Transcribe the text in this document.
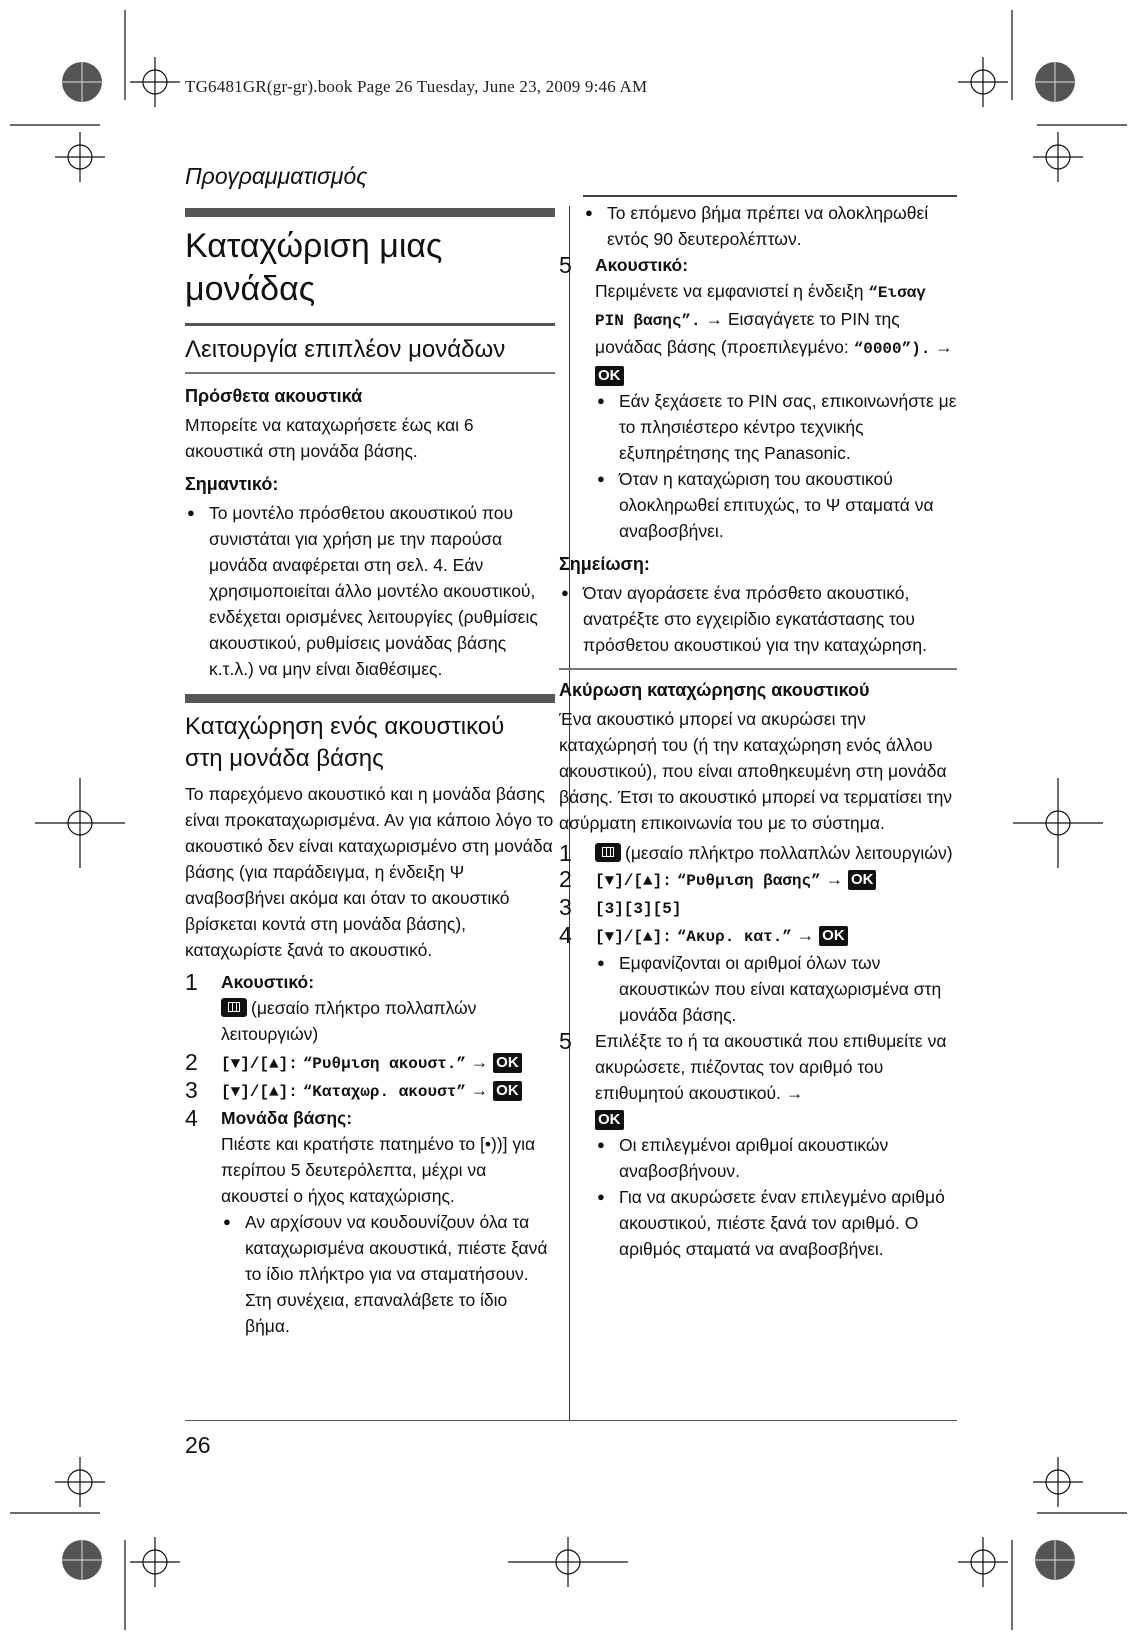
TG6481GR(gr-gr).book Page 26 Tuesday, June 23, 2009 9:46 AM
Προγραμματισμός
Καταχώριση μιας
μονάδας
Λειτουργία επιπλέον μονάδων
Πρόσθετα ακουστικά

Μπορείτε να καταχωρήσετε έως και 6 ακουστικά στη μονάδα βάσης.

Σημαντικό:
● Το μοντέλο πρόσθετου ακουστικού που συνιστάται για χρήση με την παρούσα μονάδα αναφέρεται στη σελ. 4. Εάν χρησιμοποιείται άλλο μοντέλο ακουστικού, ενδέχεται ορισμένες λειτουργίες (ρυθμίσεις ακουστικού, ρυθμίσεις μονάδας βάσης κ.τ.λ.) να μην είναι διαθέσιμες.
Καταχώρηση ενός ακουστικού
στη μονάδα βάσης

Το παρεχόμενο ακουστικό και η μονάδα βάσης είναι προκαταχωρισμένα. Αν για κάποιο λόγο το ακουστικό δεν είναι καταχωρισμένο στη μονάδα βάσης (για παράδειγμα, η ένδειξη Ψ αναβοσβήνει ακόμα και όταν το ακουστικό βρίσκεται κοντά στη μονάδα βάσης), καταχωρίστε ξανά το ακουστικό.

1 Ακουστικό:
(μεσαίο πλήκτρο πολλαπλών λειτουργιών)
2 [▼]/[▲]: “Ρυθμιση ακουστ.” → OK
3 [▼]/[▲]: “Καταχωρ. ακουστ” → OK
4 Μονάδα βάσης:
Πιέστε και κρατήστε πατημένο το [•))] για περίπου 5 δευτερόλεπτα, μέχρι να ακουστεί ο ήχος καταχώρισης.
● Αν αρχίσουν να κουδουνίζουν όλα τα καταχωρισμένα ακουστικά, πιέστε ξανά το ίδιο πλήκτρο για να σταματήσουν. Στη συνέχεια, επαναλάβετε το ίδιο βήμα.
● Το επόμενο βήμα πρέπει να ολοκληρωθεί εντός 90 δευτερολέπτων.
5 Ακουστικό:
Περιμένετε να εμφανιστεί η ένδειξη “Εισαγ PIN βασης”. → Εισαγάγετε το PIN της μονάδας βάσης (προεπιλεγμένο: “0000”). → OK
● Εάν ξεχάσετε το PIN σας, επικοινωνήστε με το πλησιέστερο κέντρο τεχνικής εξυπηρέτησης της Panasonic.
● Όταν η καταχώριση του ακουστικού ολοκληρωθεί επιτυχώς, το Ψ σταματά να αναβοσβήνει.
Σημείωση:
● Όταν αγοράσετε ένα πρόσθετο ακουστικό, ανατρέξτε στο εγχειρίδιο εγκατάστασης του πρόσθετου ακουστικού για την καταχώρηση.
Ακύρωση καταχώρησης ακουστικού

Ένα ακουστικό μπορεί να ακυρώσει την καταχώρησή του (ή την καταχώρηση ενός άλλου ακουστικού), που είναι αποθηκευμένη στη μονάδα βάσης. Έτσι το ακουστικό μπορεί να τερματίσει την ασύρματη επικοινωνία του με το σύστημα.

1	(μεσαίο πλήκτρο πολλαπλών λειτουργιών)
2 [▼]/[▲]: “Ρυθμιση βασης” → OK
3 [3][3][5]
4 [▼]/[▲]: “Ακυρ. κατ.” → OK
● Εμφανίζονται οι αριθμοί όλων των ακουστικών που είναι καταχωρισμένα στη μονάδα βάσης.
5 Επιλέξτε το ή τα ακουστικά που επιθυμείτε να ακυρώσετε, πιέζοντας τον αριθμό του επιθυμητού ακουστικού. →
OK
● Οι επιλεγμένοι αριθμοί ακουστικών αναβοσβήνουν.
● Για να ακυρώσετε έναν επιλεγμένο αριθμό ακουστικού, πιέστε ξανά τον αριθμό. Ο αριθμός σταματά να αναβοσβήνει.
26
